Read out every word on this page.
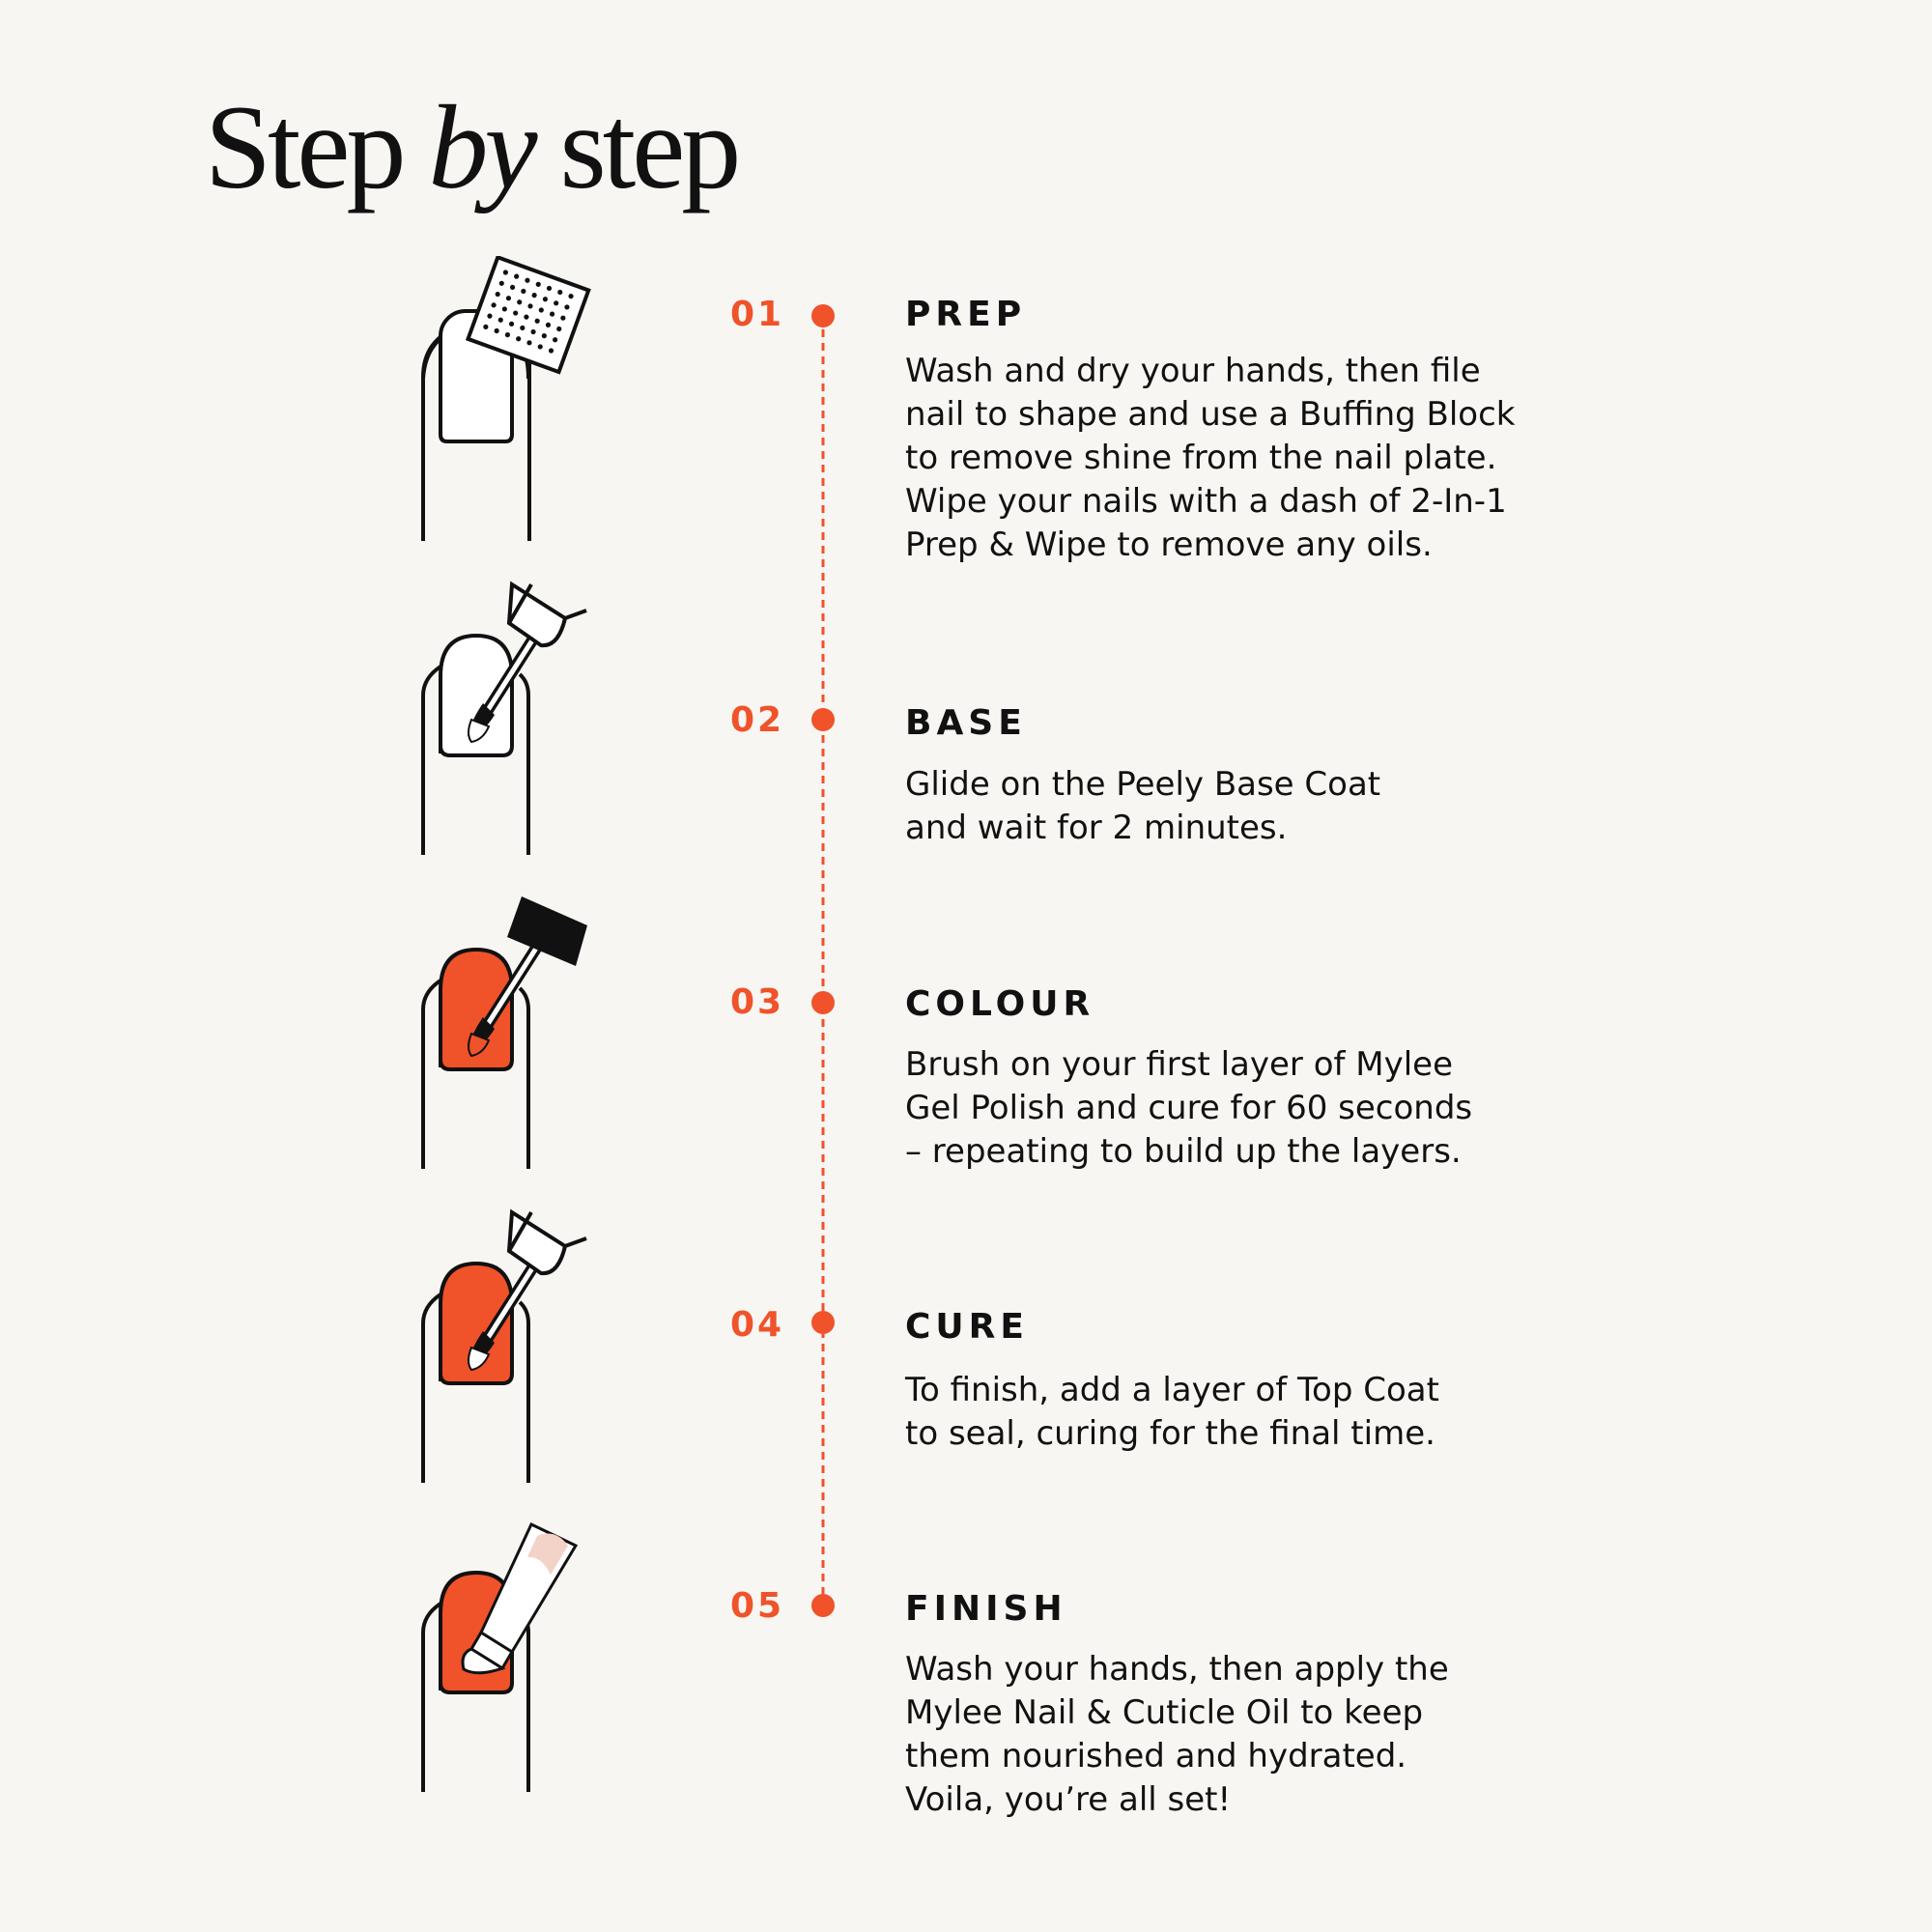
Step by step
01	PREP

Wash and dry your hands, then file
nail to shape and use a Buffing Block
to remove shine from the nail plate.
Wipe your nails with a dash of 2-In-1
Prep & Wipe to remove any oils.

02	BASE

Glide on the Peely Base Coat
and wait for 2 minutes.

03	COLOUR

Brush on your first layer of Mylee
Gel Polish and cure for 60 seconds
– repeating to build up the layers.

04	CURE

To finish, add a layer of Top Coat
to seal, curing for the final time.

05	FINISH

Wash your hands, then apply the
Mylee Nail & Cuticle Oil to keep
them nourished and hydrated.
Voila, you’re all set!
